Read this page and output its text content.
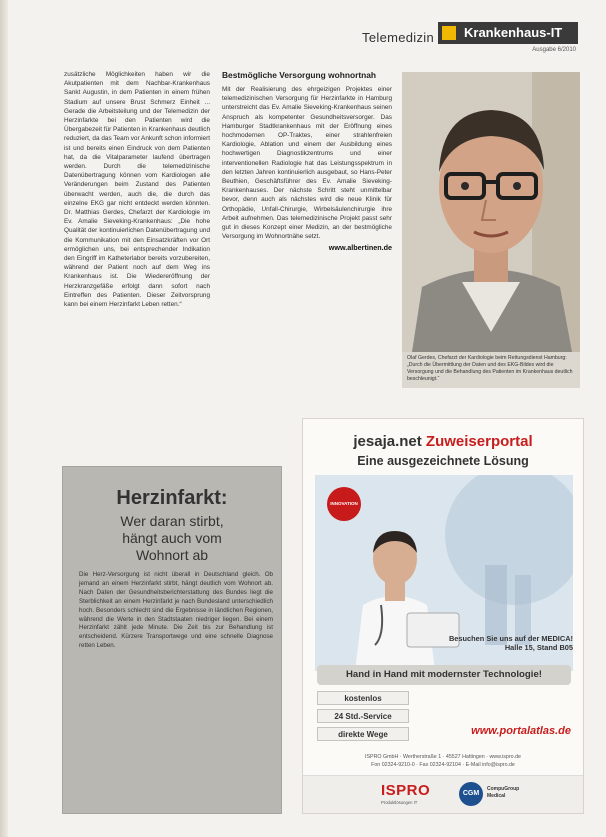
Telemedizin	Krankenhaus-IT
Ausgabe 6/2010

zusätzliche Möglichkeiten haben wir die Akutpatienten mit dem Nachbar-Krankenhaus Sankt Augustin, in dem Patienten in einem frühen Stadium auf unsere Brust Schmerz Einheit ... Gerade die Arbeitsteilung und der Telemedizin der Herzinfarkte bei den Patienten wird die Übergabezeit für Patienten in Krankenhaus deutlich reduziert, da das Team vor Ankunft schon informiert ist und bereits einen Eindruck von dem Patienten hat, da die Vitalparameter laufend übertragen werden. Durch die telemedizinische Datenübertragung können vom Kardiologen alle Veränderungen beim Zustand des Patienten überwacht werden, auch die, die durch das einzelne EKG gar nicht entdeckt werden könnten. Dr. Matthias Gerdes, Chefarzt der Kardiologie im Ev. Amalie Sieveking-Krankenhaus: „Die hohe Qualität der kontinuierlichen Datenübertragung und die Kommunikation mit den Einsatzkräften vor Ort ermöglichen uns, bei entsprechender Indikation den Eingriff im Katheterlabor bereits vorzubereiten, während der Patient noch auf dem Weg ins Krankenhaus ist. Die Wiedereröffnung der Herzkranzgefäße erfolgt dann sofort nach Eintreffen des Patienten. Dieser Zeitvorsprung kann bei einem Herzinfarkt Leben retten.“

Bestmögliche Versorgung wohnortnah
Mit der Realisierung des ehrgeizigen Projektes einer telemedizinischen Versorgung für Herzinfarkte in Hamburg unterstreicht das Ev. Amalie Sieveking-Krankenhaus seinen Anspruch als kompetenter Gesundheitsversorger. Das Hamburger Stadtkrankenhaus mit der Eröffnung eines hochmodernen OP-Traktes, einer strahlenfreien Kardiologie, Ablation und einem der Ausbildung eines hochwertigen Diagnostikzentrums und einer interventionellen Radiologie hat das Leistungsspektrum in den letzten Jahren kontinuierlich ausgebaut, so Hans-Peter Beuthien, Geschäftsführer des Ev. Amalie Sieveking-Krankenhauses. Der nächste Schritt steht unmittelbar bevor, denn auch als nächstes wird die neue Klinik für Orthopädie, Unfall-Chirurgie, Wirbelsäulenchirurgie ihre Arbeit aufnehmen. Das telemedizinische Projekt passt sehr gut in dieses Konzept einer Medizin, an der bestmögliche Versorgung im Wohnortnähe setzt.
www.albertinen.de
Olaf Gerdes, Chefarzt der Kardiologie beim Rettungsdienst Hamburg: „Durch die Übermittlung der Daten und des EKG-Bildes wird die Versorgung und die Behandlung des Patienten im Krankenhaus deutlich beschleunigt.“
Herzinfarkt:
Wer daran stirbt,
hängt auch vom
Wohnort ab
Die Herz-Versorgung ist nicht überall in Deutschland gleich. Ob jemand an einem Herzinfarkt stirbt, hängt deutlich vom Wohnort ab. Nach Daten der Gesundheitsberichterstattung des Bundes liegt die Sterblichkeit an einem Herzinfarkt je nach Bundesland unterschiedlich hoch. Besonders schlecht sind die Ergebnisse in ländlichen Regionen, während die Werte in den Stadtstaaten niedriger liegen. Bei einem Herzinfarkt zählt jede Minute. Die Zeit bis zur Behandlung ist entscheidend. Kürzere Transportwege und eine schnelle Diagnose retten Leben.
jesaja.net Zuweiserportal
Eine ausgezeichnete Lösung
INNOVATION
Besuchen Sie uns auf der MEDICA!
Halle 15, Stand B05
Hand in Hand mit modernster Technologie!
kostenlos
24 Std.-Service
direkte Wege	www.portalatlas.de
ISPRO GmbH · Wertherstraße 1 · 45527 Hattingen · www.ispro.de
Fon 02324-9210-0 · Fax 02324-92104 · E-Mail info@ispro.de
ISPRO
Produktlösungen IT
CGM
CompuGroup
Medical
